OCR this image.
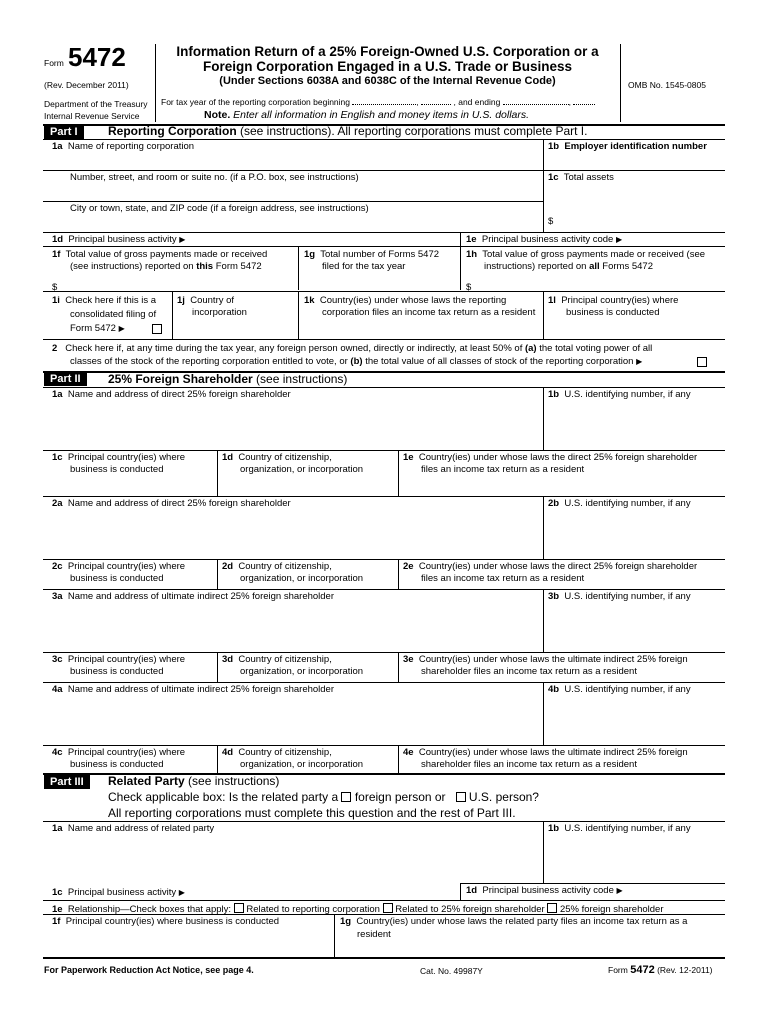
Form 5472
(Rev. December 2011)
Department of the Treasury
Internal Revenue Service
Information Return of a 25% Foreign-Owned U.S. Corporation or a
Foreign Corporation Engaged in a U.S. Trade or Business
(Under Sections 6038A and 6038C of the Internal Revenue Code)
For tax year of the reporting corporation beginning	,	, and ending	,
Note. Enter all information in English and money items in U.S. dollars.
OMB No. 1545-0805
Part I	Reporting Corporation (see instructions). All reporting corporations must complete Part I.
1a Name of reporting corporation	1b Employer identification number
Number, street, and room or suite no. (if a P.O. box, see instructions)	1c Total assets
City or town, state, and ZIP code (if a foreign address, see instructions)
$
1d Principal business activity ▶	1e Principal business activity code ▶
1f Total value of gross payments made or received
(see instructions) reported on this Form 5472
$
1g Total number of Forms 5472
filed for the tax year
1h Total value of gross payments made or received (see
instructions) reported on all Forms 5472
$
1i Check here if this is a
consolidated filing of
Form 5472 ▶
1j Country of
incorporation
1k Country(ies) under whose laws the reporting
corporation files an income tax return as a resident
1l Principal country(ies) where
business is conducted
2 Check here if, at any time during the tax year, any foreign person owned, directly or indirectly, at least 50% of (a) the total voting power of all
classes of the stock of the reporting corporation entitled to vote, or (b) the total value of all classes of stock of the reporting corporation ▶
Part II	25% Foreign Shareholder (see instructions)
1a Name and address of direct 25% foreign shareholder	1b U.S. identifying number, if any
1c Principal country(ies) where
business is conducted
1d Country of citizenship,
organization, or incorporation
1e Country(ies) under whose laws the direct 25% foreign shareholder
files an income tax return as a resident
2a Name and address of direct 25% foreign shareholder	2b U.S. identifying number, if any
2c Principal country(ies) where
business is conducted
2d Country of citizenship,
organization, or incorporation
2e Country(ies) under whose laws the direct 25% foreign shareholder
files an income tax return as a resident
3a Name and address of ultimate indirect 25% foreign shareholder	3b U.S. identifying number, if any
3c Principal country(ies) where
business is conducted
3d Country of citizenship,
organization, or incorporation
3e Country(ies) under whose laws the ultimate indirect 25% foreign
shareholder files an income tax return as a resident
4a Name and address of ultimate indirect 25% foreign shareholder	4b U.S. identifying number, if any
4c Principal country(ies) where
business is conducted
4d Country of citizenship,
organization, or incorporation
4e Country(ies) under whose laws the ultimate indirect 25% foreign
shareholder files an income tax return as a resident
Part III	Related Party (see instructions)
Check applicable box: Is the related party a foreign person or U.S. person?
All reporting corporations must complete this question and the rest of Part III.
1a Name and address of related party	1b U.S. identifying number, if any
1c Principal business activity ▶	1d Principal business activity code ▶
1e Relationship—Check boxes that apply: Related to reporting corporation Related to 25% foreign shareholder 25% foreign shareholder
1f Principal country(ies) where business is conducted	1g Country(ies) under whose laws the related party files an income tax return as a
resident
For Paperwork Reduction Act Notice, see page 4.	Cat. No. 49987Y	Form 5472 (Rev. 12-2011)
